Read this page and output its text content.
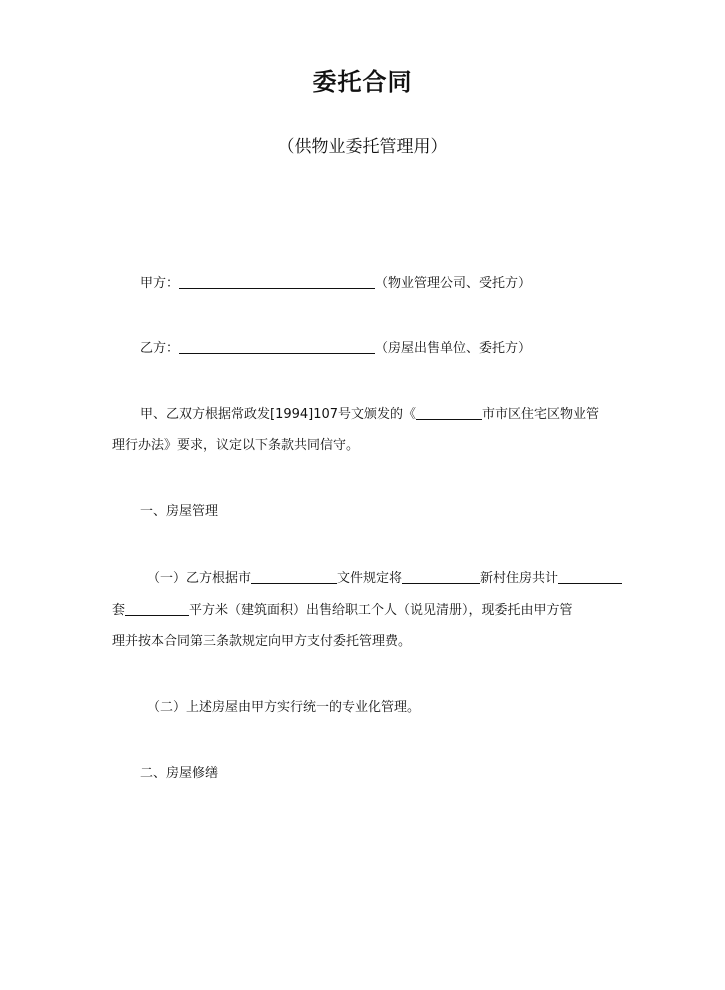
委托合同
（供物业委托管理用）
甲方：	（物业管理公司、受托方）
乙方：	（房屋出售单位、委托方）
甲、乙双方根据常政发[1994]107号文颁发的《	市市区住宅区物业管
理行办法》要求，议定以下条款共同信守。
一、房屋管理
（一）乙方根据市	文件规定将	新村住房共计
套	平方米（建筑面积）出售给职工个人（说见清册），现委托由甲方管
理并按本合同第三条款规定向甲方支付委托管理费。
（二）上述房屋由甲方实行统一的专业化管理。
二、房屋修缮
